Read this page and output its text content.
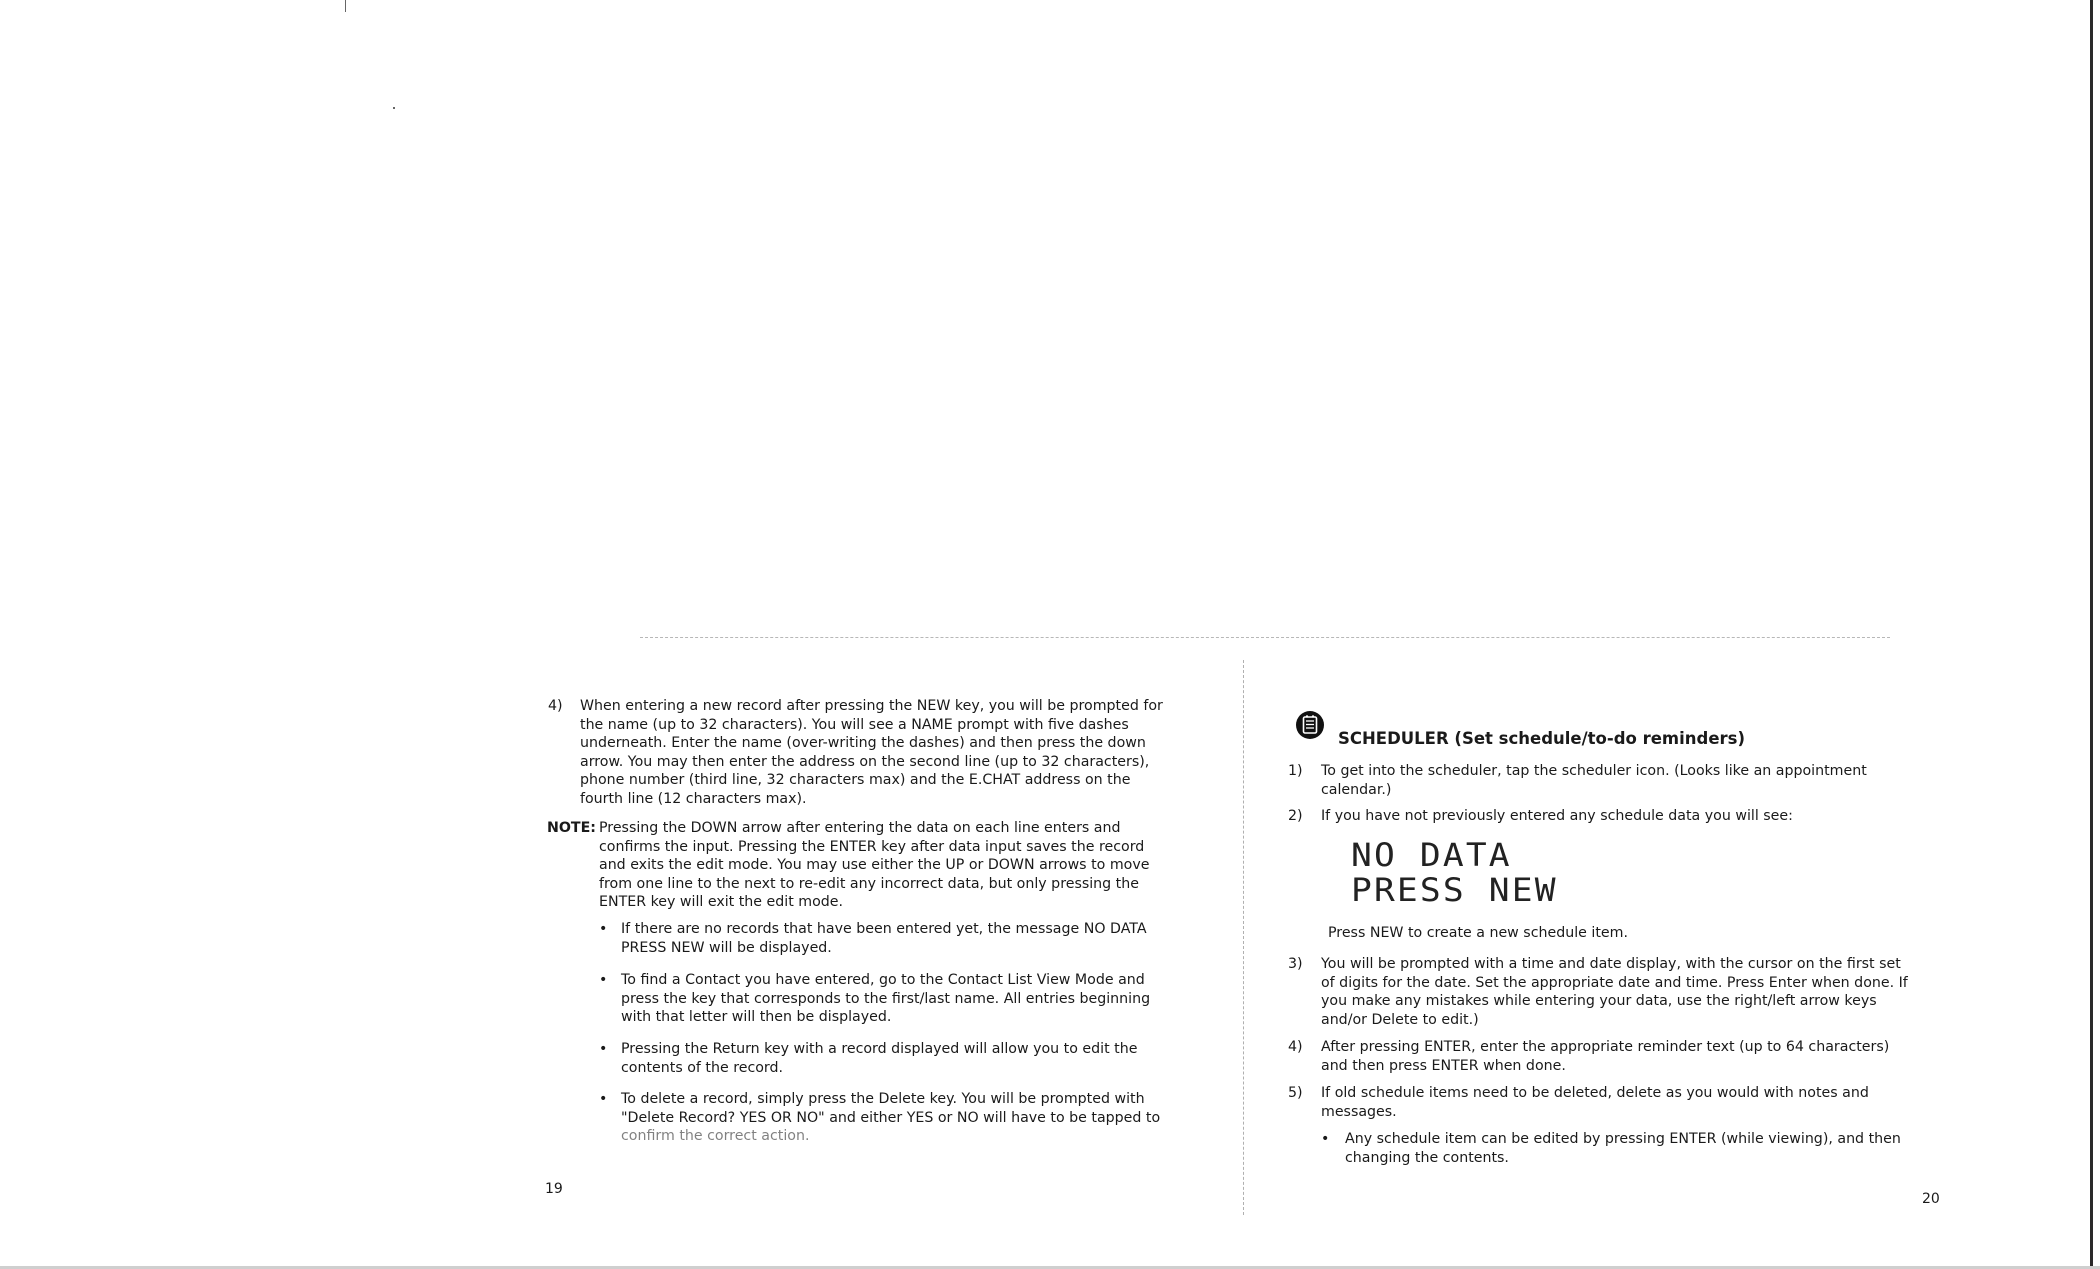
4) When entering a new record after pressing the NEW key, you will be prompted for
the name (up to 32 characters). You will see a NAME prompt with five dashes
underneath. Enter the name (over-writing the dashes) and then press the down
arrow. You may then enter the address on the second line (up to 32 characters),
phone number (third line, 32 characters max) and the E.CHAT address on the
fourth line (12 characters max).
NOTE: Pressing the DOWN arrow after entering the data on each line enters and
confirms the input. Pressing the ENTER key after data input saves the record
and exits the edit mode. You may use either the UP or DOWN arrows to move
from one line to the next to re-edit any incorrect data, but only pressing the
ENTER key will exit the edit mode.
• If there are no records that have been entered yet, the message NO DATA
PRESS NEW will be displayed.
• To find a Contact you have entered, go to the Contact List View Mode and
press the key that corresponds to the first/last name. All entries beginning
with that letter will then be displayed.
• Pressing the Return key with a record displayed will allow you to edit the
contents of the record.
• To delete a record, simply press the Delete key. You will be prompted with
"Delete Record? YES OR NO" and either YES or NO will have to be tapped to
confirm the correct action.
19
SCHEDULER (Set schedule/to-do reminders)
1) To get into the scheduler, tap the scheduler icon. (Looks like an appointment
calendar.)
2) If you have not previously entered any schedule data you will see:
NO DATA
PRESS NEW
Press NEW to create a new schedule item.
3) You will be prompted with a time and date display, with the cursor on the first set
of digits for the date. Set the appropriate date and time. Press Enter when done. If
you make any mistakes while entering your data, use the right/left arrow keys
and/or Delete to edit.)
4) After pressing ENTER, enter the appropriate reminder text (up to 64 characters)
and then press ENTER when done.
5) If old schedule items need to be deleted, delete as you would with notes and
messages.
• Any schedule item can be edited by pressing ENTER (while viewing), and then
changing the contents.
20
